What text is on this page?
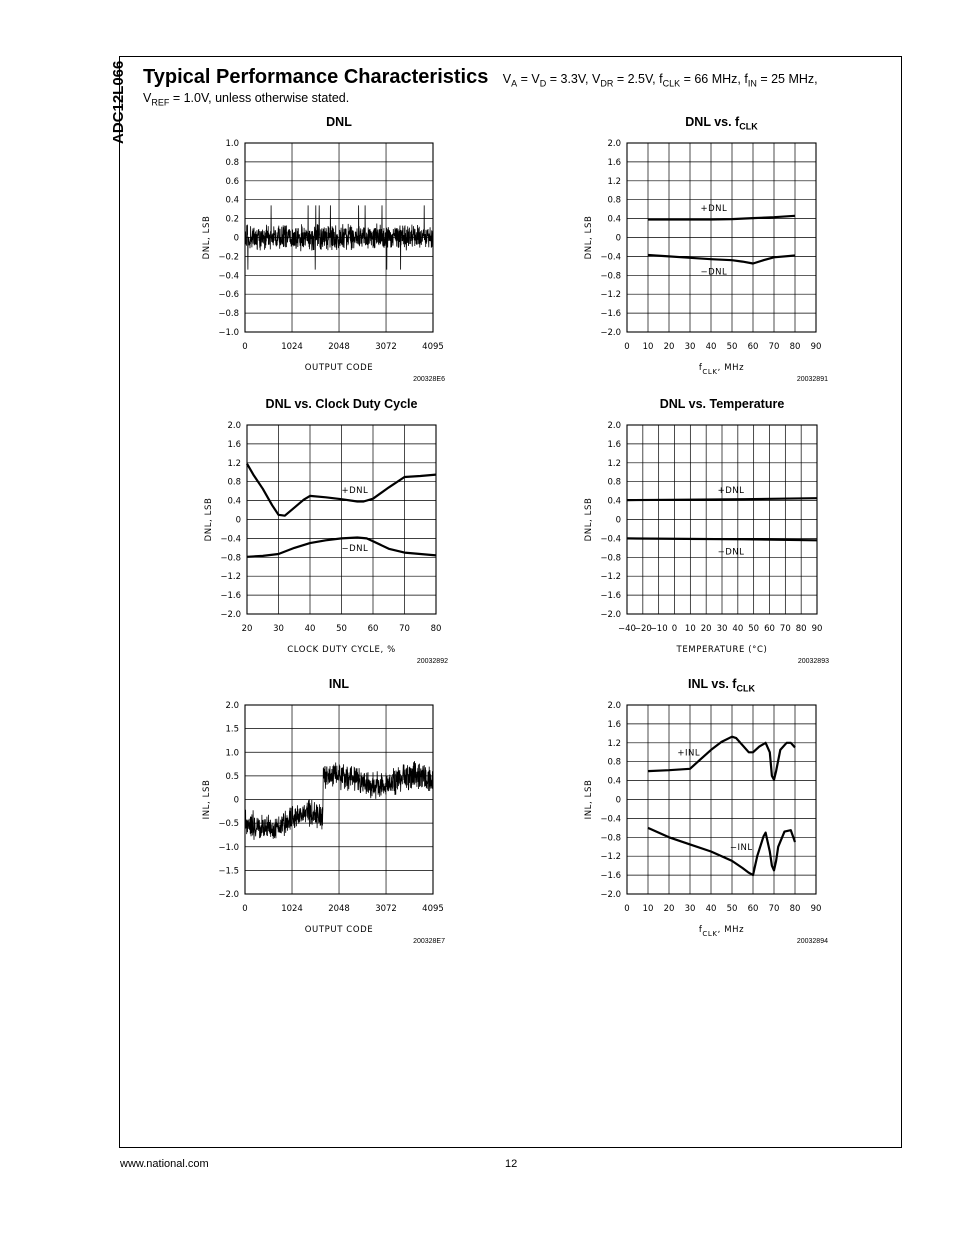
ADC12L066 Typical Performance Characteristics $V_A = V_D = 3.3V$, $V_{DR} = 2.5V$, $f_{CLK} = 66$ MHz, $f_{IN} = 25$ MHz,
$V_{REF} = 1.0V$, unless otherwise stated.
DNL
1.0
0.8
0.6
0.4
0.2
0
−0.2
−0.4
−0.6
−0.8
−1.0
0	1024	2048	3072	4095
OUTPUT CODE
DNL, LSB
200328E6
DNL vs. $f_{CLK}$
2.0
1.6
1.2
0.8
0.4
0
−0.4
−0.8
−1.2
−1.6
−2.0
0 10 20 30 40 50 60 70 80 90
$f_{CLK}$, MHz
DNL, LSB
+DNL
−DNL
20032891
DNL vs. Clock Duty Cycle
2.0
1.6
1.2
0.8
0.4
0
−0.4
−0.8
−1.2
−1.6
−2.0
20 30 40 50 60 70 80
CLOCK DUTY CYCLE, %
DNL, LSB
+DNL
−DNL
20032892
DNL vs. Temperature
2.0
1.6
1.2
0.8
0.4
0
−0.4
−0.8
−1.2
−1.6
−2.0
−40
−20
−10 0 10 20 30 40 50 60 70 80 90
TEMPERATURE (°C)
DNL, LSB
+DNL
−DNL
20032893
INL
2.0
1.5
1.0
0.5
0
−0.5
−1.0
−1.5
−2.0
0	1024	2048	3072	4095
OUTPUT CODE
INL, LSB
200328E7
INL vs. $f_{CLK}$
2.0
1.6
1.2
0.8
0.4
0
−0.4
−0.8
−1.2
−1.6
−2.0
0 10 20 30 40 50 60 70 80 90
$f_{CLK}$, MHz
INL, LSB
+INL
−INL
20032894
www.national.com	12
